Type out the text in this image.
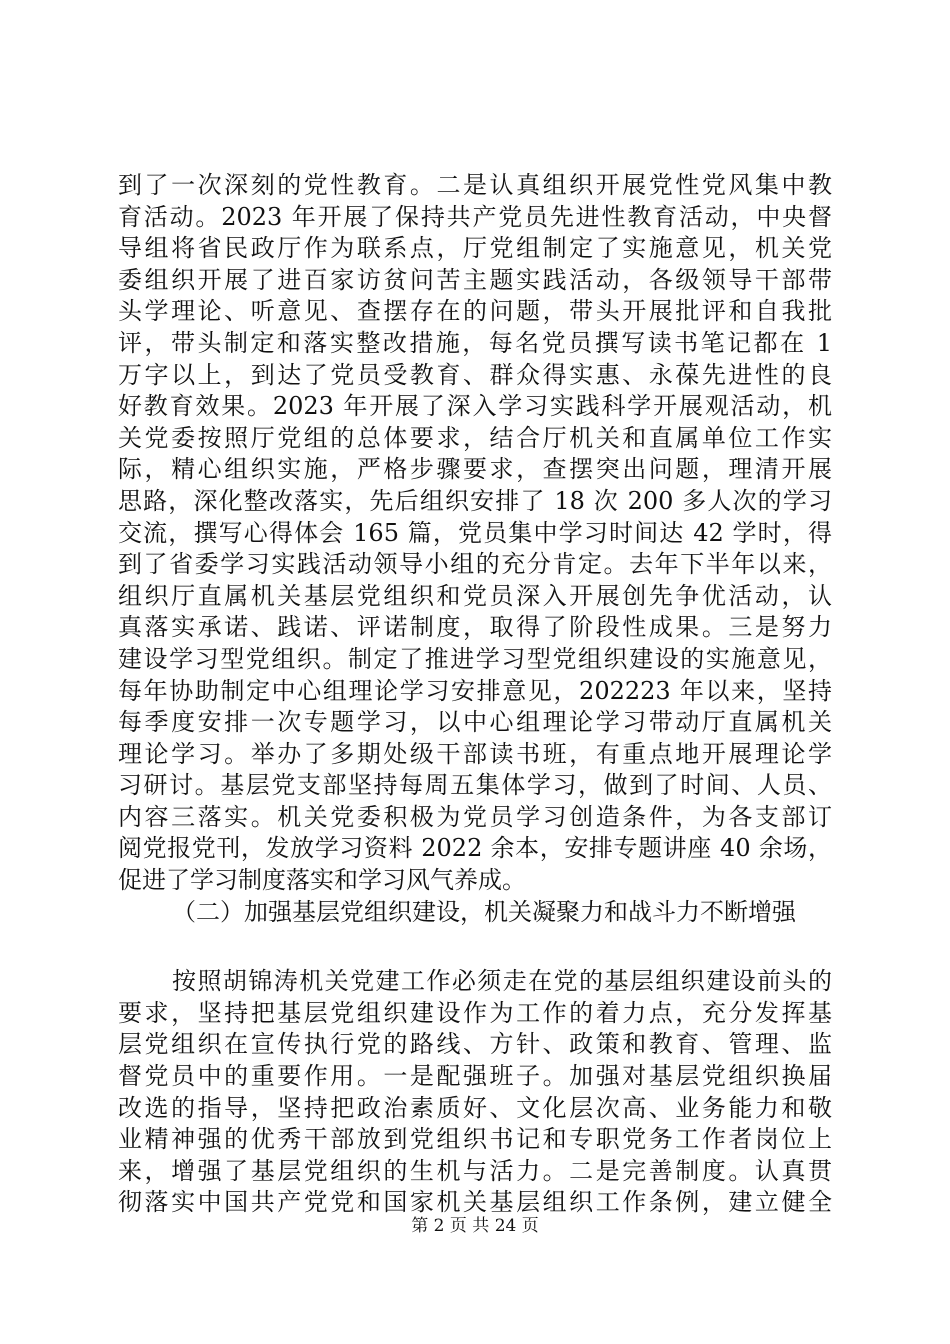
到了一次深刻的党性教育。二是认真组织开展党性党风集中教
育活动。2023 年开展了保持共产党员先进性教育活动，中央督
导组将省民政厅作为联系点，厅党组制定了实施意见，机关党
委组织开展了进百家访贫问苦主题实践活动，各级领导干部带
头学理论、听意见、查摆存在的问题，带头开展批评和自我批
评，带头制定和落实整改措施，每名党员撰写读书笔记都在 1
万字以上，到达了党员受教育、群众得实惠、永葆先进性的良
好教育效果。2023 年开展了深入学习实践科学开展观活动，机
关党委按照厅党组的总体要求，结合厅机关和直属单位工作实
际，精心组织实施，严格步骤要求，查摆突出问题，理清开展
思路，深化整改落实，先后组织安排了 18 次 200 多人次的学习
交流，撰写心得体会 165 篇，党员集中学习时间达 42 学时，得
到了省委学习实践活动领导小组的充分肯定。去年下半年以来，
组织厅直属机关基层党组织和党员深入开展创先争优活动，认
真落实承诺、践诺、评诺制度，取得了阶段性成果。三是努力
建设学习型党组织。制定了推进学习型党组织建设的实施意见，
每年协助制定中心组理论学习安排意见，202223 年以来，坚持
每季度安排一次专题学习，以中心组理论学习带动厅直属机关
理论学习。举办了多期处级干部读书班，有重点地开展理论学
习研讨。基层党支部坚持每周五集体学习，做到了时间、人员、
内容三落实。机关党委积极为党员学习创造条件，为各支部订
阅党报党刊，发放学习资料 2022 余本，安排专题讲座 40 余场，
促进了学习制度落实和学习风气养成。
（二）加强基层党组织建设，机关凝聚力和战斗力不断增强
按照胡锦涛机关党建工作必须走在党的基层组织建设前头的
要求，坚持把基层党组织建设作为工作的着力点，充分发挥基
层党组织在宣传执行党的路线、方针、政策和教育、管理、监
督党员中的重要作用。一是配强班子。加强对基层党组织换届
改选的指导，坚持把政治素质好、文化层次高、业务能力和敬
业精神强的优秀干部放到党组织书记和专职党务工作者岗位上
来，增强了基层党组织的生机与活力。二是完善制度。认真贯
彻落实中国共产党党和国家机关基层组织工作条例，建立健全
第 2 页 共 24 页
